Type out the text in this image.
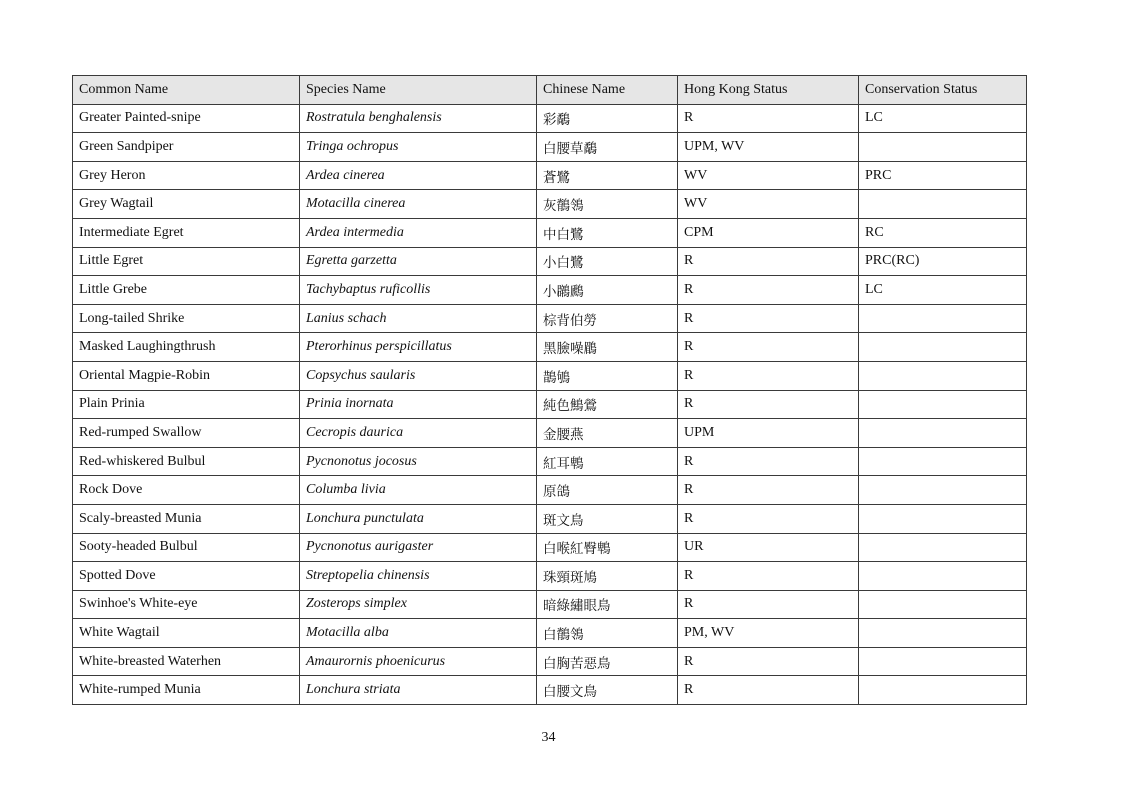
Common Name	Species Name	Chinese Name	Hong Kong Status	Conservation Status
Greater Painted-snipe	Rostratula benghalensis	彩鷸	R	LC
Green Sandpiper	Tringa ochropus	白腰草鷸	UPM, WV	
Grey Heron	Ardea cinerea	蒼鷺	WV	PRC
Grey Wagtail	Motacilla cinerea	灰鶺鴒	WV	
Intermediate Egret	Ardea intermedia	中白鷺	CPM	RC
Little Egret	Egretta garzetta	小白鷺	R	PRC(RC)
Little Grebe	Tachybaptus ruficollis	小鸊鷉	R	LC
Long-tailed Shrike	Lanius schach	棕背伯勞	R	
Masked Laughingthrush	Pterorhinus perspicillatus	黑臉噪鶥	R	
Oriental Magpie-Robin	Copsychus saularis	鵲鴝	R	
Plain Prinia	Prinia inornata	純色鷦鶯	R	
Red-rumped Swallow	Cecropis daurica	金腰燕	UPM	
Red-whiskered Bulbul	Pycnonotus jocosus	紅耳鵯	R	
Rock Dove	Columba livia	原鴿	R	
Scaly-breasted Munia	Lonchura punctulata	斑文鳥	R	
Sooty-headed Bulbul	Pycnonotus aurigaster	白喉紅臀鵯	UR	
Spotted Dove	Streptopelia chinensis	珠頸斑鳩	R	
Swinhoe's White-eye	Zosterops simplex	暗綠繡眼鳥	R	
White Wagtail	Motacilla alba	白鶺鴒	PM, WV	
White-breasted Waterhen	Amaurornis phoenicurus	白胸苦惡鳥	R	
White-rumped Munia	Lonchura striata	白腰文鳥	R	
34
